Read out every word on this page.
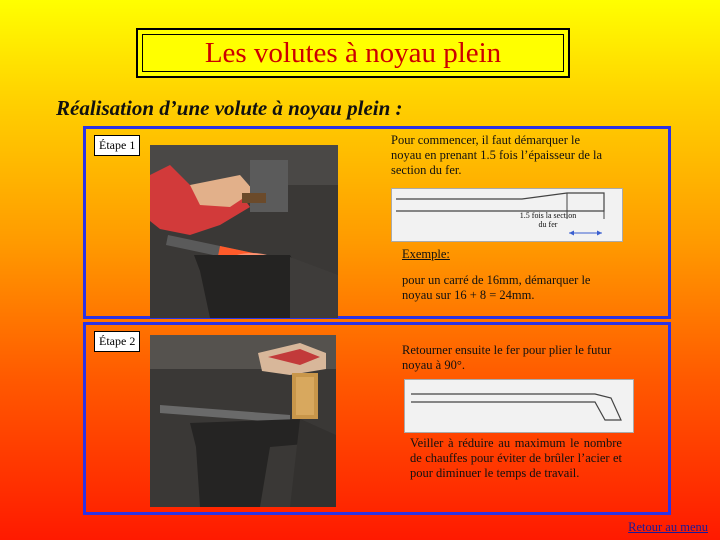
Les volutes à noyau plein
Réalisation d’une volute à noyau plein :
Étape 1	Pour commencer, il faut démarquer le noyau en prenant 1.5 fois l’épaisseur de la section du fer.
1.5 fois la section
du fer
Exemple:
pour un carré de 16mm, démarquer le noyau sur 16 + 8 = 24mm.
Étape 2
Retourner ensuite le fer pour plier le futur noyau à 90°.
Veiller à réduire au maximum le nombre de chauffes pour éviter de brûler l’acier et pour diminuer le temps de travail.
Retour au menu
